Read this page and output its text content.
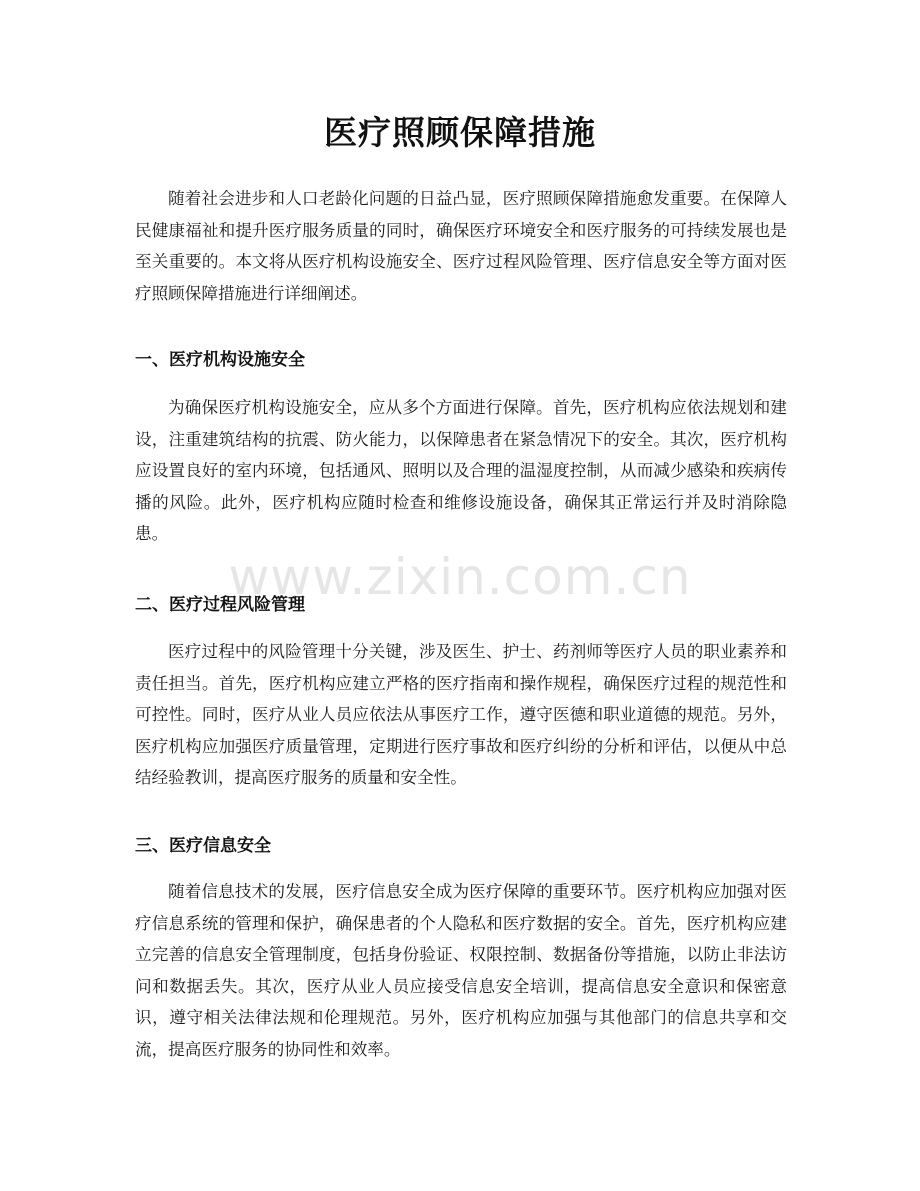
医疗照顾保障措施

随着社会进步和人口老龄化问题的日益凸显，医疗照顾保障措施愈发重要。在保障人民健康福祉和提升医疗服务质量的同时，确保医疗环境安全和医疗服务的可持续发展也是至关重要的。本文将从医疗机构设施安全、医疗过程风险管理、医疗信息安全等方面对医疗照顾保障措施进行详细阐述。

一、医疗机构设施安全

为确保医疗机构设施安全，应从多个方面进行保障。首先，医疗机构应依法规划和建设，注重建筑结构的抗震、防火能力，以保障患者在紧急情况下的安全。其次，医疗机构应设置良好的室内环境，包括通风、照明以及合理的温湿度控制，从而减少感染和疾病传播的风险。此外，医疗机构应随时检查和维修设施设备，确保其正常运行并及时消除隐患。

二、医疗过程风险管理

医疗过程中的风险管理十分关键，涉及医生、护士、药剂师等医疗人员的职业素养和责任担当。首先，医疗机构应建立严格的医疗指南和操作规程，确保医疗过程的规范性和可控性。同时，医疗从业人员应依法从事医疗工作，遵守医德和职业道德的规范。另外，医疗机构应加强医疗质量管理，定期进行医疗事故和医疗纠纷的分析和评估，以便从中总结经验教训，提高医疗服务的质量和安全性。

三、医疗信息安全

随着信息技术的发展，医疗信息安全成为医疗保障的重要环节。医疗机构应加强对医疗信息系统的管理和保护，确保患者的个人隐私和医疗数据的安全。首先，医疗机构应建立完善的信息安全管理制度，包括身份验证、权限控制、数据备份等措施，以防止非法访问和数据丢失。其次，医疗从业人员应接受信息安全培训，提高信息安全意识和保密意识，遵守相关法律法规和伦理规范。另外，医疗机构应加强与其他部门的信息共享和交流，提高医疗服务的协同性和效率。

www.zixin.com.cn
